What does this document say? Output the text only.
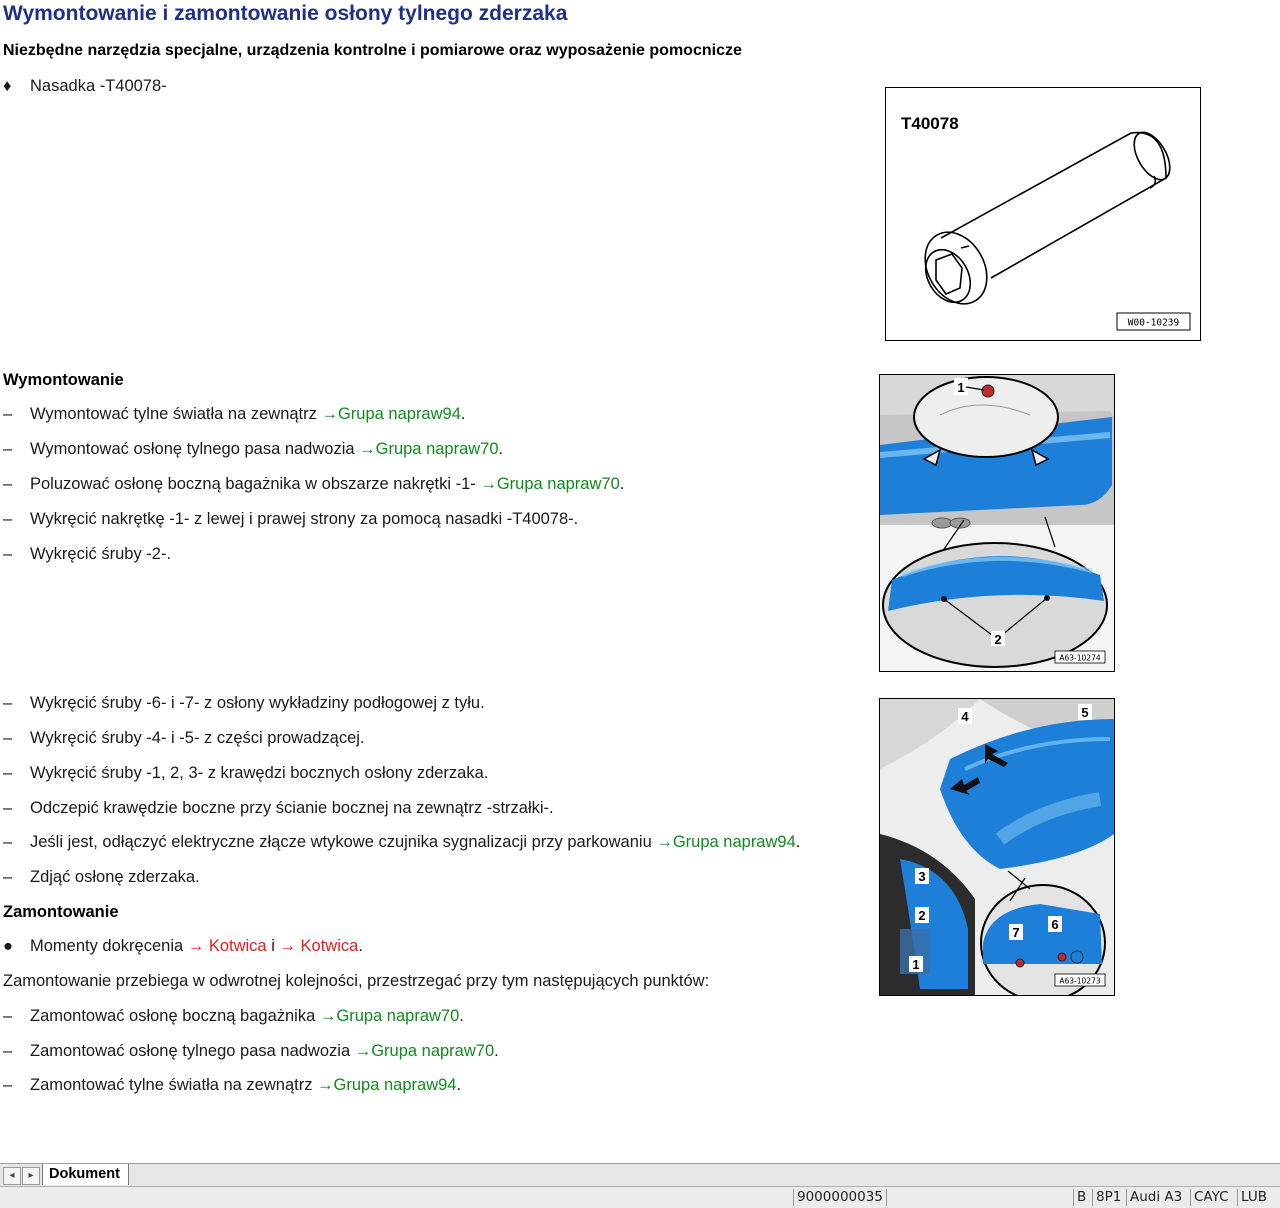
Wymontowanie i zamontowanie osłony tylnego zderzaka
Niezbędne narzędzia specjalne, urządzenia kontrolne i pomiarowe oraz wyposażenie pomocnicze
♦ Nasadka -T40078-
Wymontowanie
– Wymontować tylne światła na zewnątrz →Grupa napraw94.
– Wymontować osłonę tylnego pasa nadwozia →Grupa napraw70.
– Poluzować osłonę boczną bagażnika w obszarze nakrętki -1- →Grupa napraw70.
– Wykręcić nakrętkę -1- z lewej i prawej strony za pomocą nasadki -T40078-.
– Wykręcić śruby -2-.
– Wykręcić śruby -6- i -7- z osłony wykładziny podłogowej z tyłu.
– Wykręcić śruby -4- i -5- z części prowadzącej.
– Wykręcić śruby -1, 2, 3- z krawędzi bocznych osłony zderzaka.
– Odczepić krawędzie boczne przy ścianie bocznej na zewnątrz -strzałki-.
– Jeśli jest, odłączyć elektryczne złącze wtykowe czujnika sygnalizacji przy parkowaniu →Grupa napraw94.
– Zdjąć osłonę zderzaka.
Zamontowanie
● Momenty dokręcenia → Kotwica i → Kotwica.
Zamontowanie przebiega w odwrotnej kolejności, przestrzegać przy tym następujących punktów:
– Zamontować osłonę boczną bagażnika →Grupa napraw70.
– Zamontować osłonę tylnego pasa nadwozia →Grupa napraw70.
– Zamontować tylne światła na zewnątrz →Grupa napraw94.
T40078
W00-10239
1
2
A63-10274
4	5
3
2
1
7
6
A63-10273
◂	▸	Dokument
9000000035	B 8P1 Audi A3 CAYC LUB
